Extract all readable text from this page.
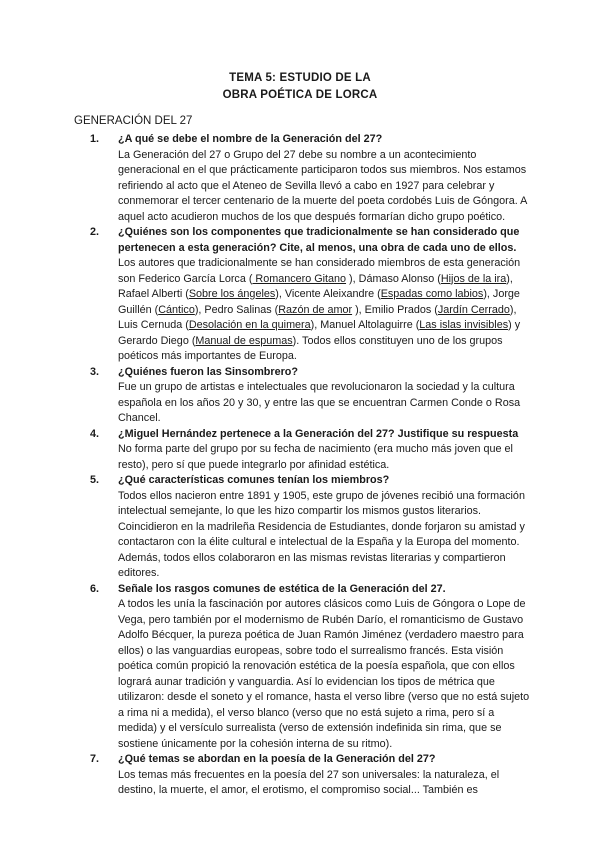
TEMA 5: ESTUDIO DE LA
OBRA POÉTICA DE LORCA
GENERACIÓN DEL 27
1. ¿A qué se debe el nombre de la Generación del 27?
La Generación del 27 o Grupo del 27 debe su nombre a un acontecimiento generacional en el que prácticamente participaron todos sus miembros. Nos estamos refiriendo al acto que el Ateneo de Sevilla llevó a cabo en 1927 para celebrar y conmemorar el tercer centenario de la muerte del poeta cordobés Luis de Góngora. A aquel acto acudieron muchos de los que después formarían dicho grupo poético.
2. ¿Quiénes son los componentes que tradicionalmente se han considerado que pertenecen a esta generación? Cite, al menos, una obra de cada uno de ellos.
Los autores que tradicionalmente se han considerado miembros de esta generación son Federico García Lorca ( Romancero Gitano ), Dámaso Alonso (Hijos de la ira), Rafael Alberti (Sobre los ángeles), Vicente Aleixandre (Espadas como labios), Jorge Guillén (Cántico), Pedro Salinas (Razón de amor ), Emilio Prados (Jardín Cerrado), Luis Cernuda (Desolación en la quimera), Manuel Altolaguirre (Las islas invisibles) y Gerardo Diego (Manual de espumas). Todos ellos constituyen uno de los grupos poéticos más importantes de Europa.
3. ¿Quiénes fueron las Sinsombrero?
Fue un grupo de artistas e intelectuales que revolucionaron la sociedad y la cultura española en los años 20 y 30, y entre las que se encuentran Carmen Conde o Rosa Chancel.
4. ¿Miguel Hernández pertenece a la Generación del 27? Justifique su respuesta
No forma parte del grupo por su fecha de nacimiento (era mucho más joven que el resto), pero sí que puede integrarlo por afinidad estética.
5. ¿Qué características comunes tenían los miembros?
Todos ellos nacieron entre 1891 y 1905, este grupo de jóvenes recibió una formación intelectual semejante, lo que les hizo compartir los mismos gustos literarios. Coincidieron en la madrileña Residencia de Estudiantes, donde forjaron su amistad y contactaron con la élite cultural e intelectual de la España y la Europa del momento. Además, todos ellos colaboraron en las mismas revistas literarias y compartieron editores.
6. Señale los rasgos comunes de estética de la Generación del 27.
A todos les unía la fascinación por autores clásicos como Luis de Góngora o Lope de Vega, pero también por el modernismo de Rubén Darío, el romanticismo de Gustavo Adolfo Bécquer, la pureza poética de Juan Ramón Jiménez (verdadero maestro para ellos) o las vanguardias europeas, sobre todo el surrealismo francés. Esta visión poética común propició la renovación estética de la poesía española, que con ellos logrará aunar tradición y vanguardia. Así lo evidencian los tipos de métrica que utilizaron: desde el soneto y el romance, hasta el verso libre (verso que no está sujeto a rima ni a medida), el verso blanco (verso que no está sujeto a rima, pero sí a medida) y el versículo surrealista (verso de extensión indefinida sin rima, que se sostiene únicamente por la cohesión interna de su ritmo).
7. ¿Qué temas se abordan en la poesía de la Generación del 27?
Los temas más frecuentes en la poesía del 27 son universales: la naturaleza, el destino, la muerte, el amor, el erotismo, el compromiso social... También es
